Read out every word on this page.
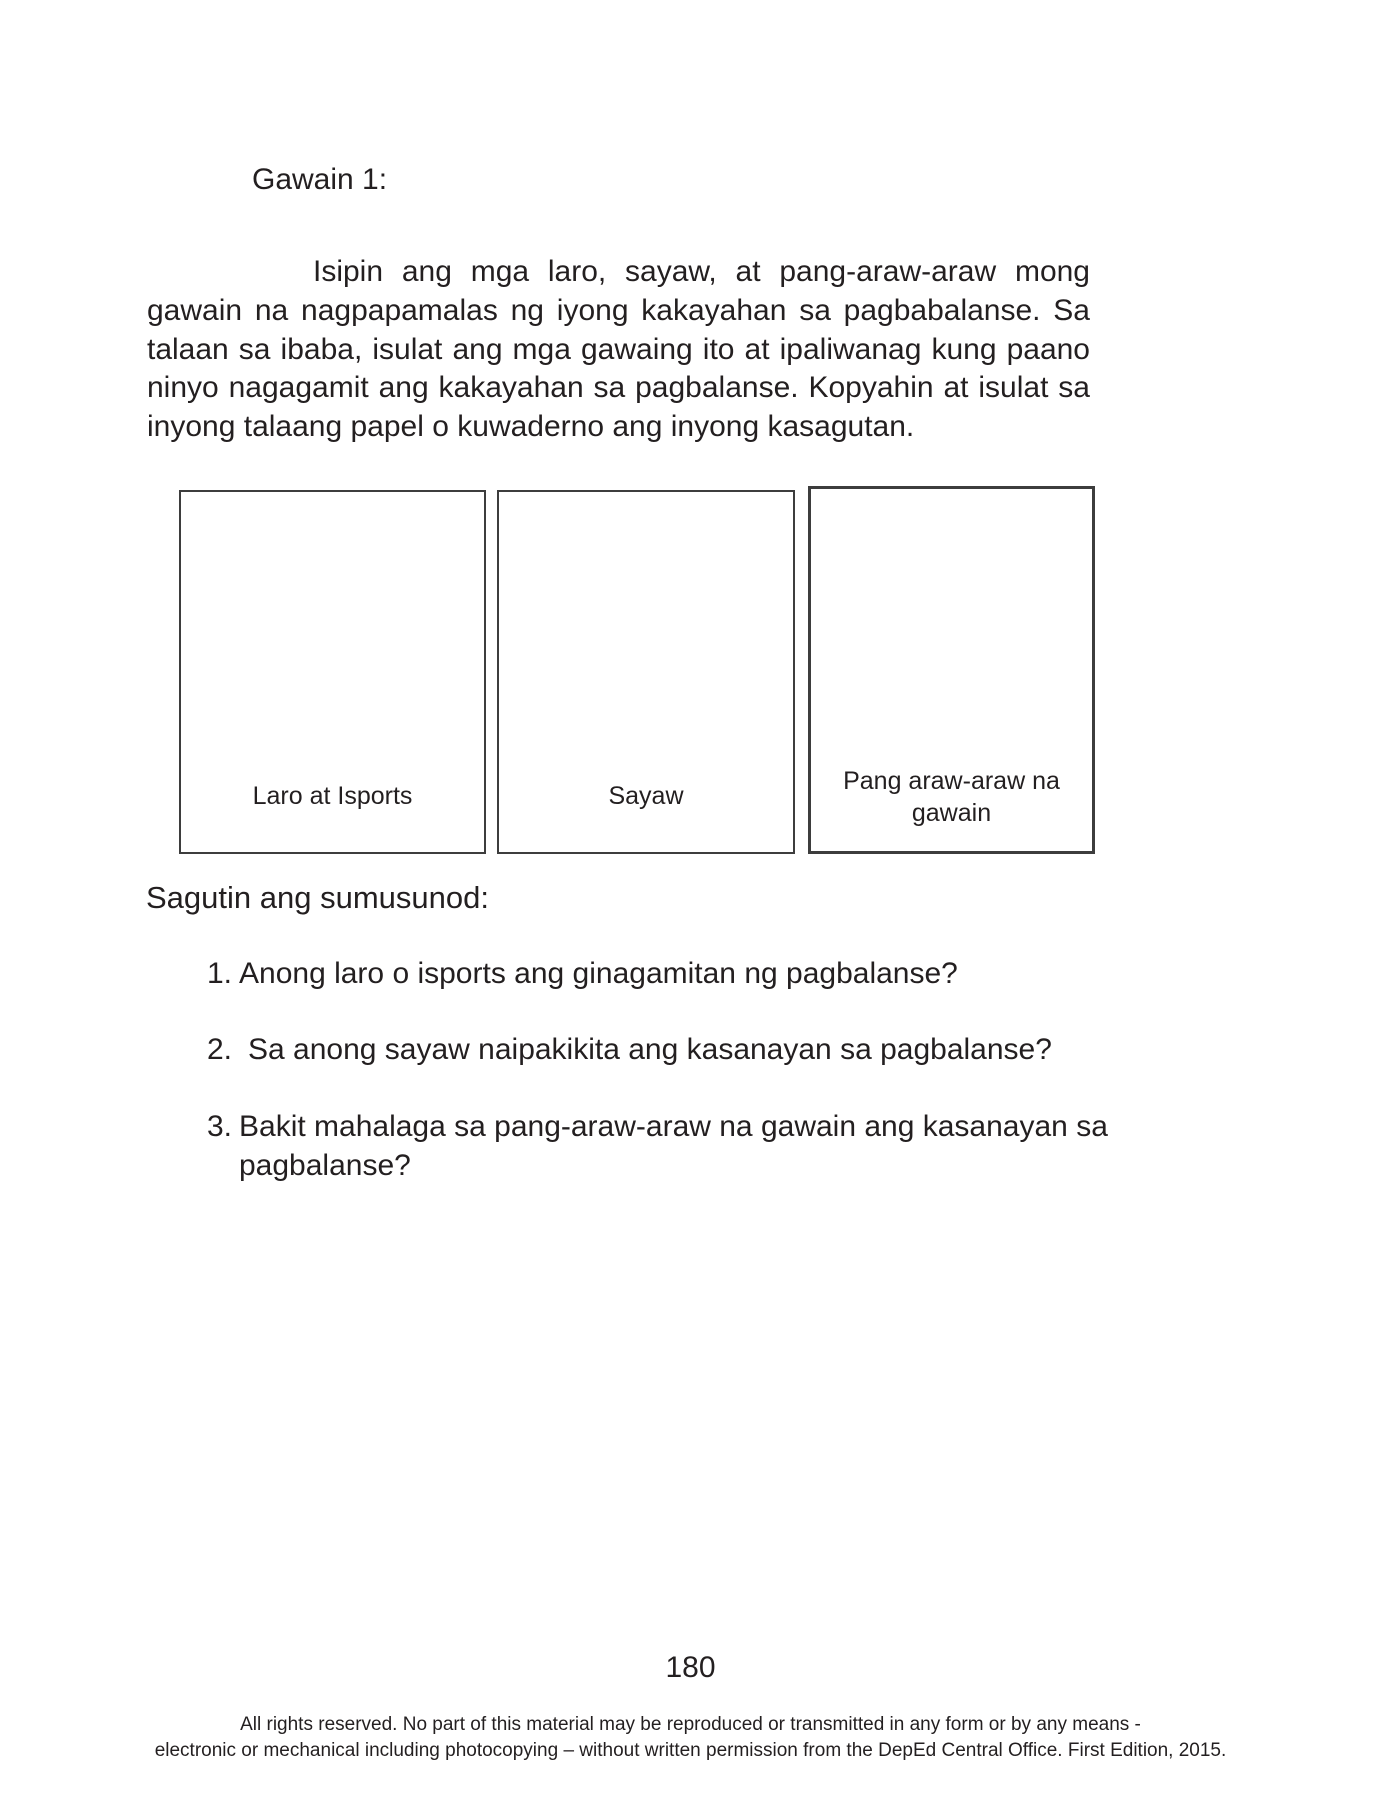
Gawain 1:
Isipin ang mga laro, sayaw, at pang-araw-araw mong gawain na nagpapamalas ng iyong kakayahan sa pagbabalanse. Sa talaan sa ibaba, isulat ang mga gawaing ito at ipaliwanag kung paano ninyo nagagamit ang kakayahan sa pagbalanse. Kopyahin at isulat sa inyong talaang papel o kuwaderno ang inyong kasagutan.
Laro at Isports	Sayaw
Pang araw-araw na gawain
Sagutin ang sumusunod:
1. Anong laro o isports ang ginagamitan ng pagbalanse?
2. Sa anong sayaw naipakikita ang kasanayan sa pagbalanse?
3. Bakit mahalaga sa pang-araw-araw na gawain ang kasanayan sa pagbalanse?
180
All rights reserved. No part of this material may be reproduced or transmitted in any form or by any means -
electronic or mechanical including photocopying – without written permission from the DepEd Central Office. First Edition, 2015.
